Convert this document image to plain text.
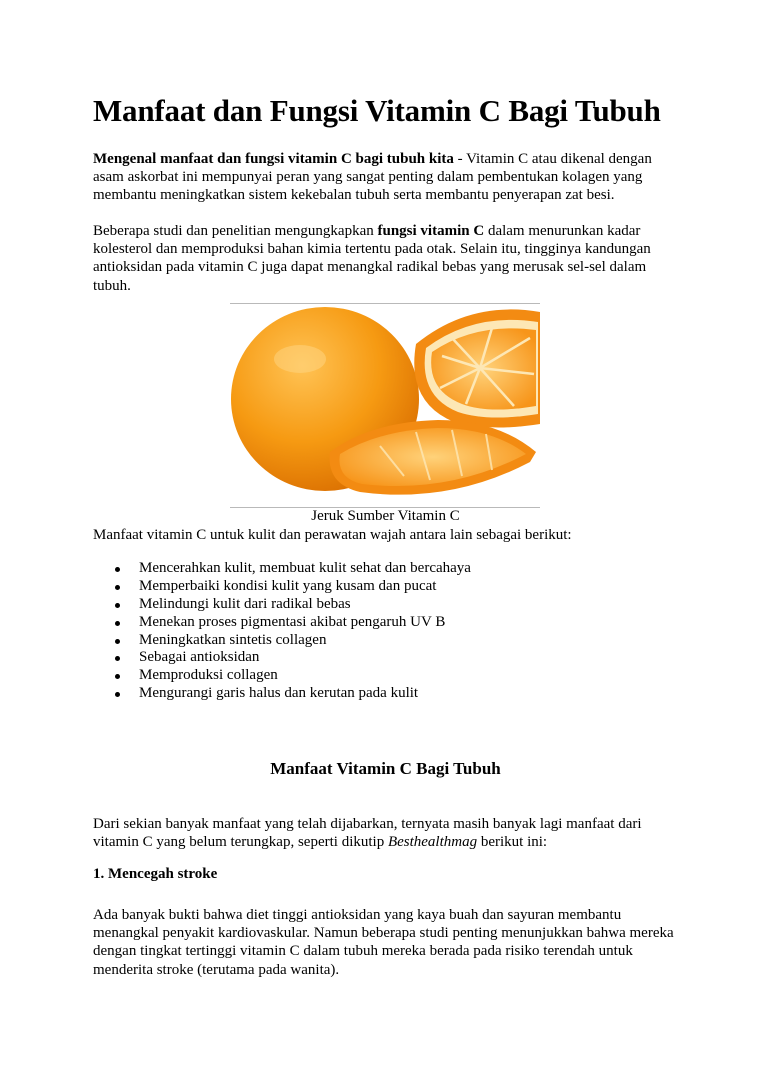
Manfaat dan Fungsi Vitamin C Bagi Tubuh

Mengenal manfaat dan fungsi vitamin C bagi tubuh kita - Vitamin C atau dikenal dengan asam askorbat ini mempunyai peran yang sangat penting dalam pembentukan kolagen yang membantu meningkatkan sistem kekebalan tubuh serta membantu penyerapan zat besi.

Beberapa studi dan penelitian mengungkapkan fungsi vitamin C dalam menurunkan kadar kolesterol dan memproduksi bahan kimia tertentu pada otak. Selain itu, tingginya kandungan antioksidan pada vitamin C juga dapat menangkal radikal bebas yang merusak sel-sel dalam tubuh.

Jeruk Sumber Vitamin C

Manfaat vitamin C untuk kulit dan perawatan wajah antara lain sebagai berikut:

Mencerahkan kulit, membuat kulit sehat dan bercahaya
Memperbaiki kondisi kulit yang kusam dan pucat
Melindungi kulit dari radikal bebas
Menekan proses pigmentasi akibat pengaruh UV B
Meningkatkan sintetis collagen
Sebagai antioksidan
Memproduksi collagen
Mengurangi garis halus dan kerutan pada kulit
Manfaat Vitamin C Bagi Tubuh

Dari sekian banyak manfaat yang telah dijabarkan, ternyata masih banyak lagi manfaat dari vitamin C yang belum terungkap, seperti dikutip Besthealthmag berikut ini:

1. Mencegah stroke

Ada banyak bukti bahwa diet tinggi antioksidan yang kaya buah dan sayuran membantu menangkal penyakit kardiovaskular. Namun beberapa studi penting menunjukkan bahwa mereka dengan tingkat tertinggi vitamin C dalam tubuh mereka berada pada risiko terendah untuk menderita stroke (terutama pada wanita).
